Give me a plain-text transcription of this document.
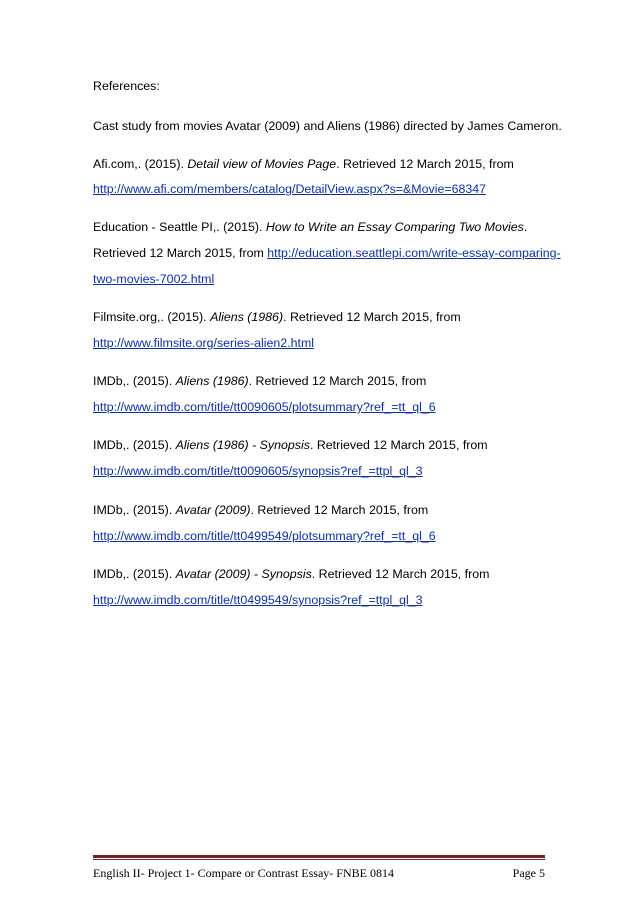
References:
Cast study from movies Avatar (2009) and Aliens (1986) directed by James Cameron.
Afi.com,. (2015). Detail view of Movies Page. Retrieved 12 March 2015, from
http://www.afi.com/members/catalog/DetailView.aspx?s=&Movie=68347
Education - Seattle PI,. (2015). How to Write an Essay Comparing Two Movies.
Retrieved 12 March 2015, from http://education.seattlepi.com/write-essay-comparing-
two-movies-7002.html
Filmsite.org,. (2015). Aliens (1986). Retrieved 12 March 2015, from
http://www.filmsite.org/series-alien2.html
IMDb,. (2015). Aliens (1986). Retrieved 12 March 2015, from
http://www.imdb.com/title/tt0090605/plotsummary?ref_=tt_ql_6
IMDb,. (2015). Aliens (1986) - Synopsis. Retrieved 12 March 2015, from
http://www.imdb.com/title/tt0090605/synopsis?ref_=ttpl_ql_3
IMDb,. (2015). Avatar (2009). Retrieved 12 March 2015, from
http://www.imdb.com/title/tt0499549/plotsummary?ref_=tt_ql_6
IMDb,. (2015). Avatar (2009) - Synopsis. Retrieved 12 March 2015, from
http://www.imdb.com/title/tt0499549/synopsis?ref_=ttpl_ql_3
English II- Project 1- Compare or Contrast Essay- FNBE 0814	Page 5
